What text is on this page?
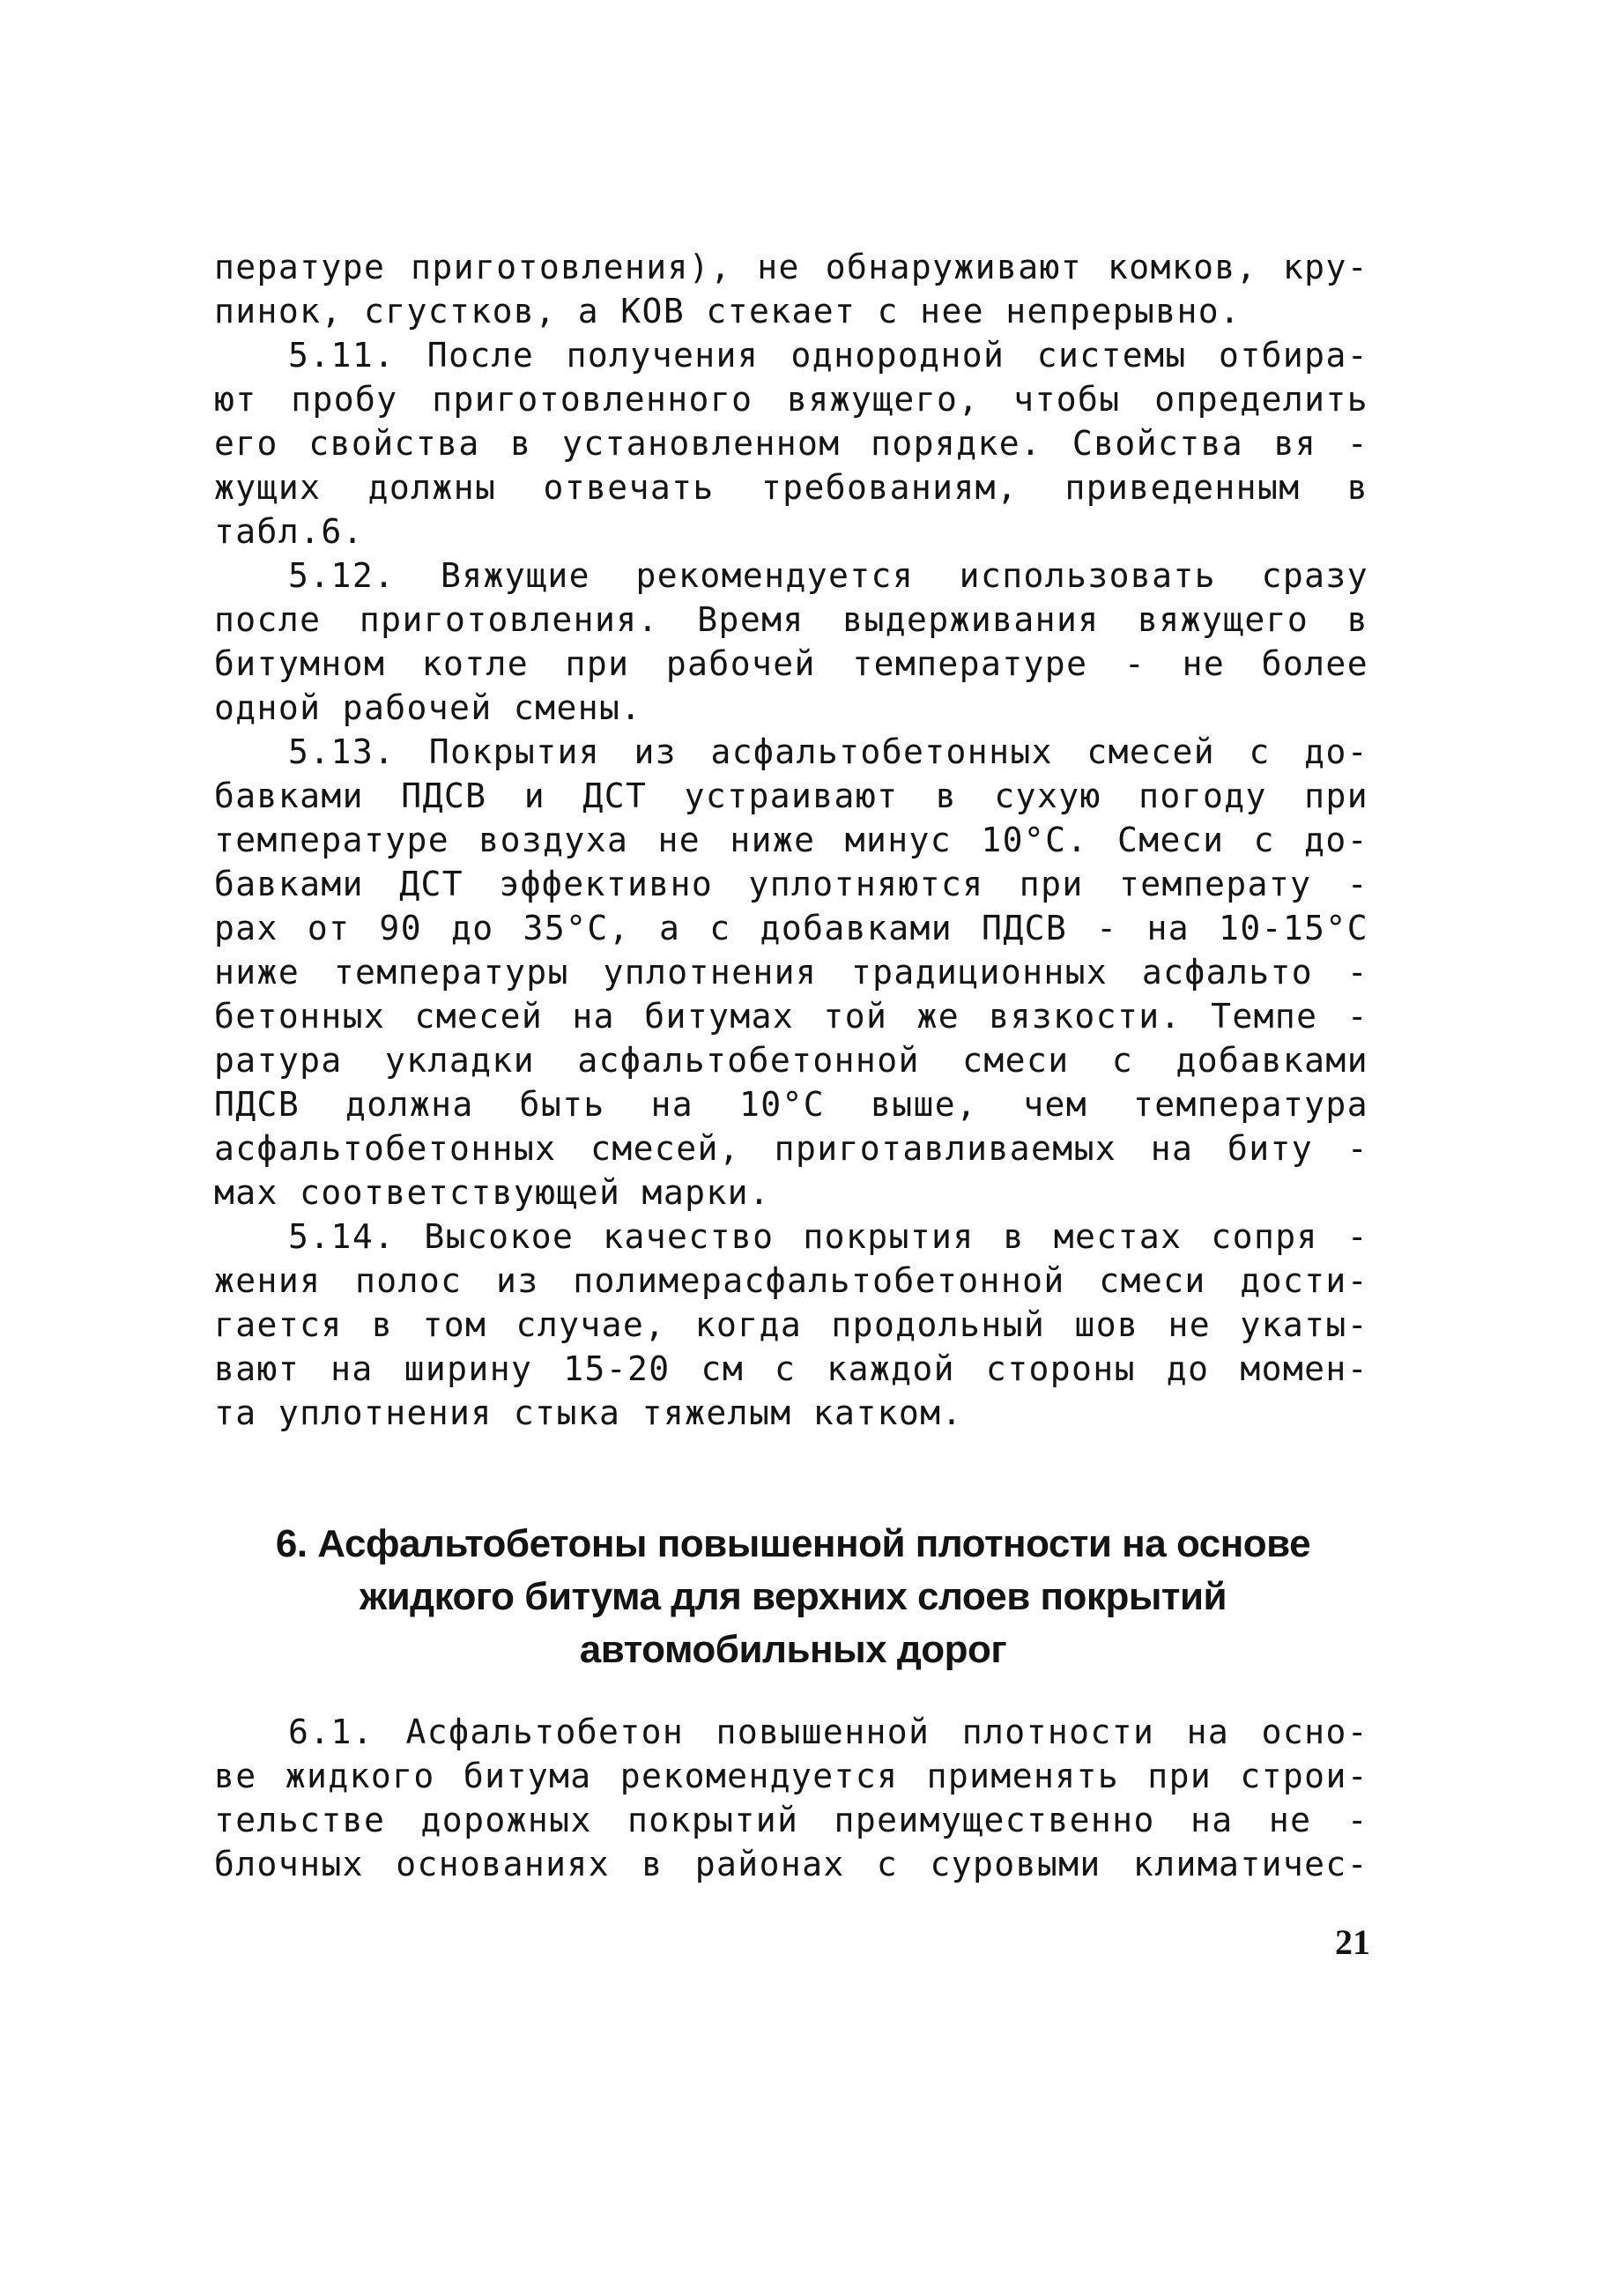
пературе приготовления), не обнаруживают комков, кру-
пинок, сгустков, а КОВ стекает с нее непрерывно.
5.11. После получения однородной системы отбира-
ют пробу приготовленного вяжущего, чтобы определить
его свойства в установленном порядке. Свойства вя -
жущих должны отвечать требованиям, приведенным в
табл.6.
5.12. Вяжущие рекомендуется использовать сразу
после приготовления. Время выдерживания вяжущего в
битумном котле при рабочей температуре - не более
одной рабочей смены.
5.13. Покрытия из асфальтобетонных смесей с до-
бавками ПДСВ и ДСТ устраивают в сухую погоду при
температуре воздуха не ниже минус 10°С. Смеси с до-
бавками ДСТ эффективно уплотняются при температу -
рах от 90 до 35°С, а с добавками ПДСВ - на 10-15°С
ниже температуры уплотнения традиционных асфальто -
бетонных смесей на битумах той же вязкости. Темпе -
ратура укладки асфальтобетонной смеси с добавками
ПДСВ должна быть на 10°С выше, чем температура
асфальтобетонных смесей, приготавливаемых на биту -
мах соответствующей марки.
5.14. Высокое качество покрытия в местах сопря -
жения полос из полимерасфальтобетонной смеси дости-
гается в том случае, когда продольный шов не укаты-
вают на ширину 15-20 см с каждой стороны до момен-
та уплотнения стыка тяжелым катком.
6. Асфальтобетоны повышенной плотности на основе
жидкого битума для верхних слоев покрытий
автомобильных дорог
6.1. Асфальтобетон повышенной плотности на осно-
ве жидкого битума рекомендуется применять при строи-
тельстве дорожных покрытий преимущественно на не -
блочных основаниях в районах с суровыми климатичес-
21
